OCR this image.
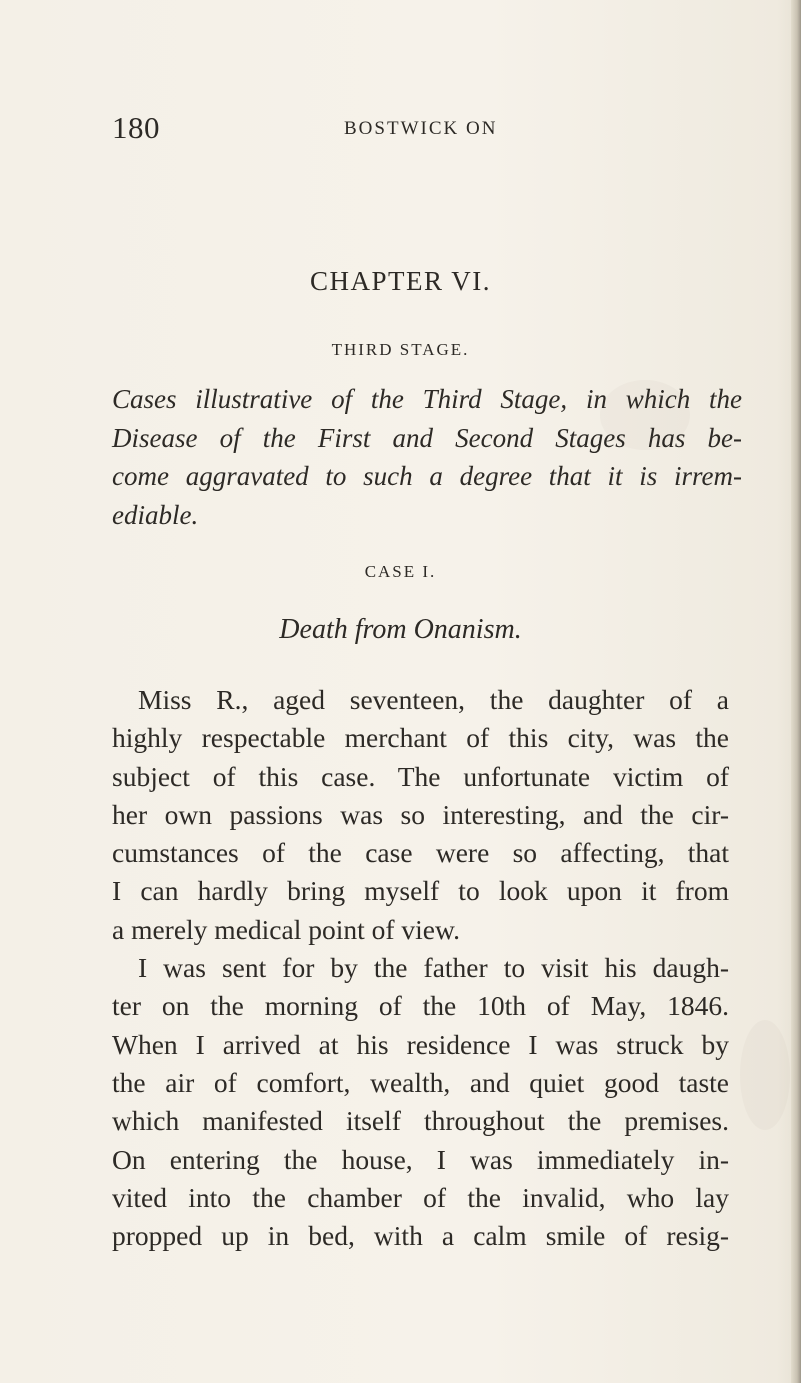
180	BOSTWICK ON
CHAPTER VI.
THIRD STAGE.

Cases illustrative of the Third Stage, in which the
Disease of the First and Second Stages has be-
come aggravated to such a degree that it is irrem-
ediable.

CASE I.
Death from Onanism.

Miss R., aged seventeen, the daughter of a
highly respectable merchant of this city, was the
subject of this case. The unfortunate victim of
her own passions was so interesting, and the cir-
cumstances of the case were so affecting, that
I can hardly bring myself to look upon it from
a merely medical point of view.
I was sent for by the father to visit his daugh-
ter on the morning of the 10th of May, 1846.
When I arrived at his residence I was struck by
the air of comfort, wealth, and quiet good taste
which manifested itself throughout the premises.
On entering the house, I was immediately in-
vited into the chamber of the invalid, who lay
propped up in bed, with a calm smile of resig-
